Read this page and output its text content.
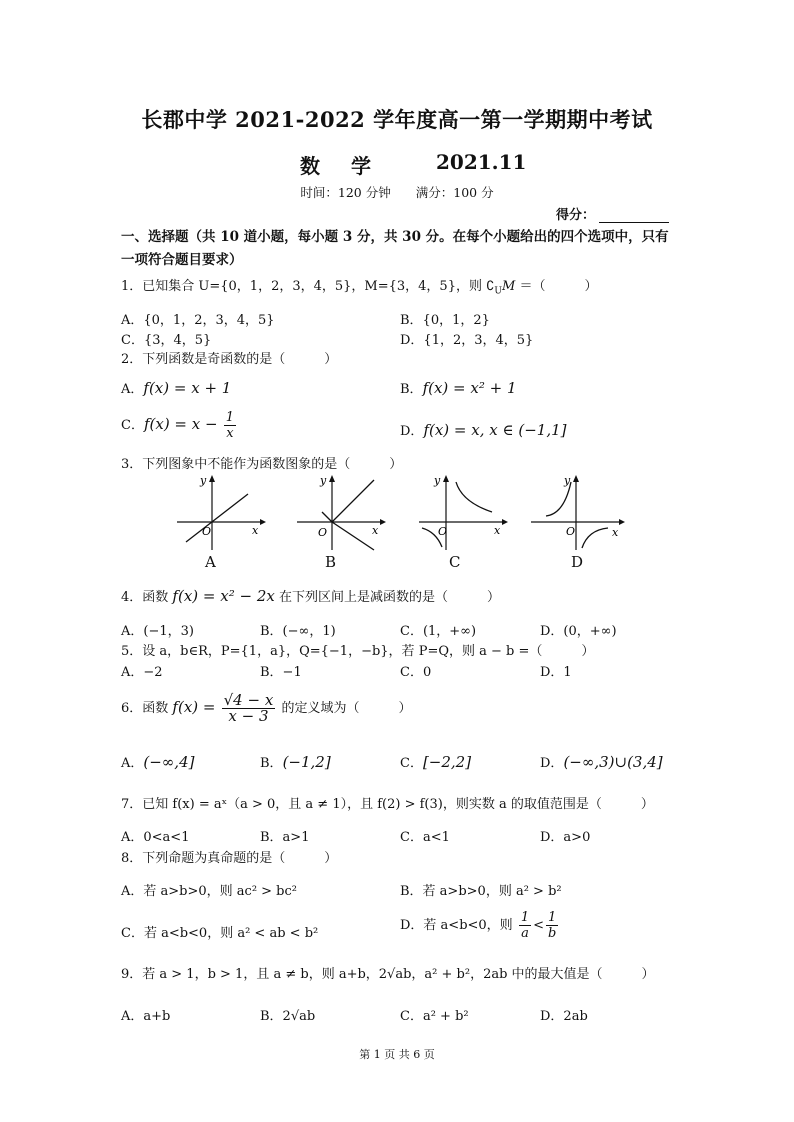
长郡中学 2021-2022 学年度高一第一学期期中考试
数 学	2021.11
时间：120 分钟　　满分：100 分
得分：
一、选择题（共 10 道小题，每小题 3 分，共 30 分。在每个小题给出的四个选项中，只有一项符合题目要求）
1．已知集合 U={0，1，2，3，4，5}，M={3，4，5}，则 $∁_UM$ ＝（　　　）
A．{0，1，2，3，4，5}	B．{0，1，2}
C．{3，4，5}	D．{1，2，3，4，5}
2．下列函数是奇函数的是（　　　）
A．f(x) = x + 1	B．f(x) = x² + 1
C．$f(x) = x - \frac{1}{x}$	D．f(x) = x, x ∈ (−1,1]
3．下列图象中不能作为函数图象的是（　　　）
y
x
O
y
x
O
y
x
O
y
x
O
A	B	C	D
4．函数 f(x) = x² − 2x 在下列区间上是减函数的是（　　　）
A．(−1，3)	B．(−∞，1)	C．(1，+∞)	D．(0，+∞)
5．设 a，b∈R，P={1，a}，Q={−1，−b}，若 P=Q，则 a − b =（　　　）
A．−2	B．−1	C．0	D．1
6．函数 $f(x) = \frac{√4 - x}{x - 3}$ 的定义域为（　　　）
A．(−∞,4]	B．(−1,2]	C．[−2,2]	D．(−∞,3)∪(3,4]
7．已知 f(x) = aˣ（a > 0，且 a ≠ 1），且 f(2) > f(3)，则实数 a 的取值范围是（　　　）
A．0<a<1	B．a>1	C．a<1	D．a>0
8．下列命题为真命题的是（　　　）
A．若 a>b>0，则 ac² > bc²	B．若 a>b>0，则 a² > b²
C．若 a<b<0，则 a² < ab < b²
D．若 a<b<0，则 $\frac{1}{a} < \frac{1}{b}$
9．若 a > 1，b > 1，且 a ≠ b，则 a+b，2√ab，a² + b²，2ab 中的最大值是（　　　）
A．a+b	B．2√ab	C．a² + b²	D．2ab
第 1 页 共 6 页
